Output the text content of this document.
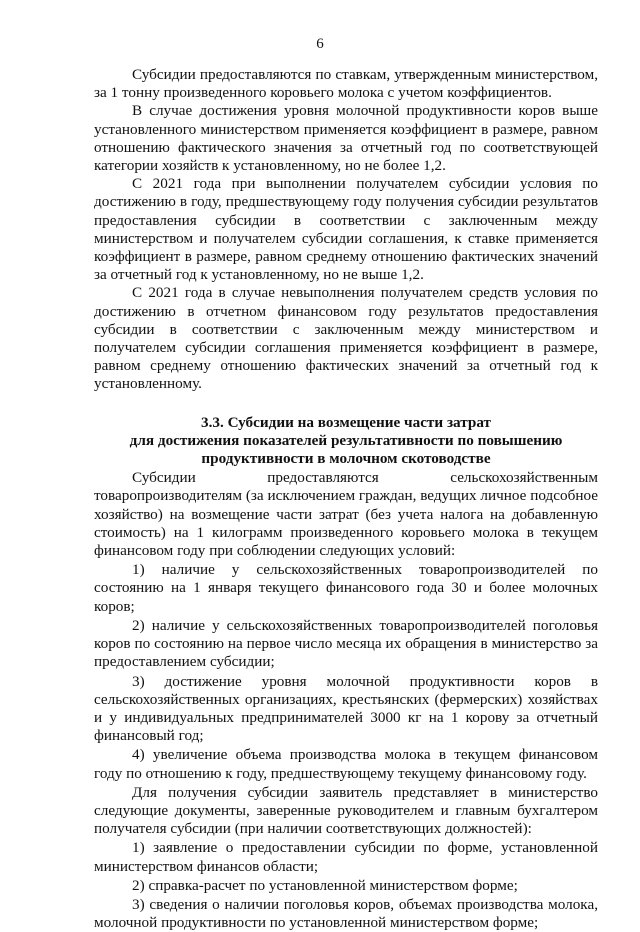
6

Субсидии предоставляются по ставкам, утвержденным министерством, за 1 тонну произведенного коровьего молока с учетом коэффициентов.

В случае достижения уровня молочной продуктивности коров выше установленного министерством применяется коэффициент в размере, равном отношению фактического значения за отчетный год по соответствующей категории хозяйств к установленному, но не более 1,2.

С 2021 года при выполнении получателем субсидии условия по достижению в году, предшествующему году получения субсидии результатов предоставления субсидии в соответствии с заключенным между министерством и получателем субсидии соглашения, к ставке применяется коэффициент в размере, равном среднему отношению фактических значений за отчетный год к установленному, но не выше 1,2.

С 2021 года в случае невыполнения получателем средств условия по достижению в отчетном финансовом году результатов предоставления субсидии в соответствии с заключенным между министерством и получателем субсидии соглашения применяется коэффициент в размере, равном среднему отношению фактических значений за отчетный год к установленному.

3.3. Субсидии на возмещение части затрат
для достижения показателей результативности по повышению
продуктивности в молочном скотоводстве

Субсидии предоставляются сельскохозяйственным товаропроизводителям (за исключением граждан, ведущих личное подсобное хозяйство) на возмещение части затрат (без учета налога на добавленную стоимость) на 1 килограмм произведенного коровьего молока в текущем финансовом году при соблюдении следующих условий:

1) наличие у сельскохозяйственных товаропроизводителей по состоянию на 1 января текущего финансового года 30 и более молочных коров;

2) наличие у сельскохозяйственных товаропроизводителей поголовья коров по состоянию на первое число месяца их обращения в министерство за предоставлением субсидии;

3) достижение уровня молочной продуктивности коров в сельскохозяйственных организациях, крестьянских (фермерских) хозяйствах и у индивидуальных предпринимателей 3000 кг на 1 корову за отчетный финансовый год;

4) увеличение объема производства молока в текущем финансовом году по отношению к году, предшествующему текущему финансовому году.

Для получения субсидии заявитель представляет в министерство следующие документы, заверенные руководителем и главным бухгалтером получателя субсидии (при наличии соответствующих должностей):

1) заявление о предоставлении субсидии по форме, установленной министерством финансов области;

2) справка-расчет по установленной министерством форме;

3) сведения о наличии поголовья коров, объемах производства молока, молочной продуктивности по установленной министерством форме;
